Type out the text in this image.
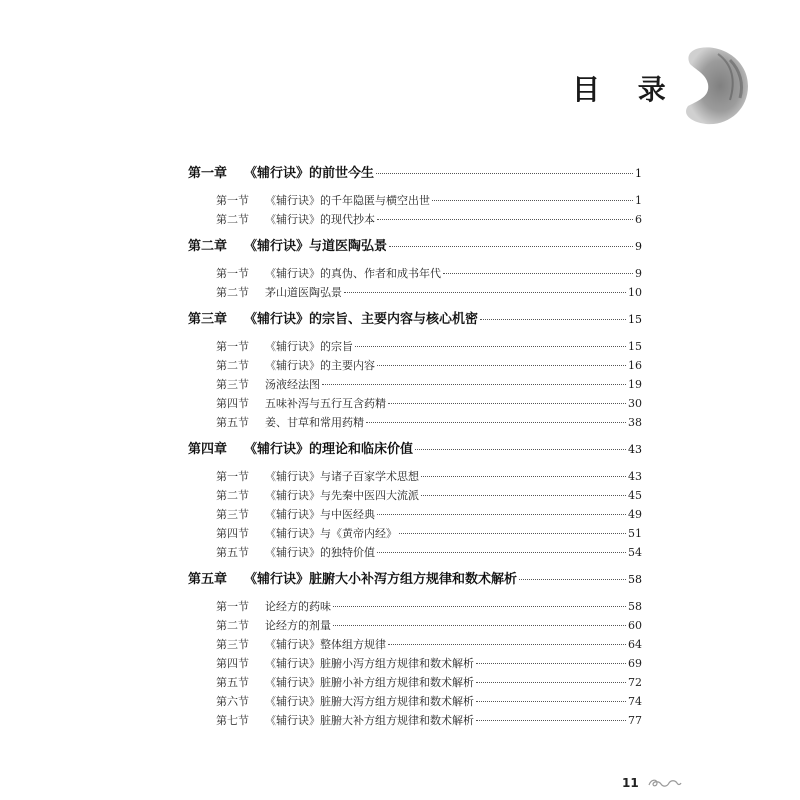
目 录
第一章	《辅行诀》的前世今生	1
第一节	《辅行诀》的千年隐匿与横空出世	1
第二节	《辅行诀》的现代抄本	6
第二章	《辅行诀》与道医陶弘景	9
第一节	《辅行诀》的真伪、作者和成书年代	9
第二节	茅山道医陶弘景	10
第三章	《辅行诀》的宗旨、主要内容与核心机密	15
第一节	《辅行诀》的宗旨	15
第二节	《辅行诀》的主要内容	16
第三节	汤液经法图	19
第四节	五味补泻与五行互含药精	30
第五节	姜、甘草和常用药精	38
第四章	《辅行诀》的理论和临床价值	43
第一节	《辅行诀》与诸子百家学术思想	43
第二节	《辅行诀》与先秦中医四大流派	45
第三节	《辅行诀》与中医经典	49
第四节	《辅行诀》与《黄帝内经》	51
第五节	《辅行诀》的独特价值	54
第五章	《辅行诀》脏腑大小补泻方组方规律和数术解析	58
第一节	论经方的药味	58
第二节	论经方的剂量	60
第三节	《辅行诀》整体组方规律	64
第四节	《辅行诀》脏腑小泻方组方规律和数术解析	69
第五节	《辅行诀》脏腑小补方组方规律和数术解析	72
第六节	《辅行诀》脏腑大泻方组方规律和数术解析	74
第七节	《辅行诀》脏腑大补方组方规律和数术解析	77
11
